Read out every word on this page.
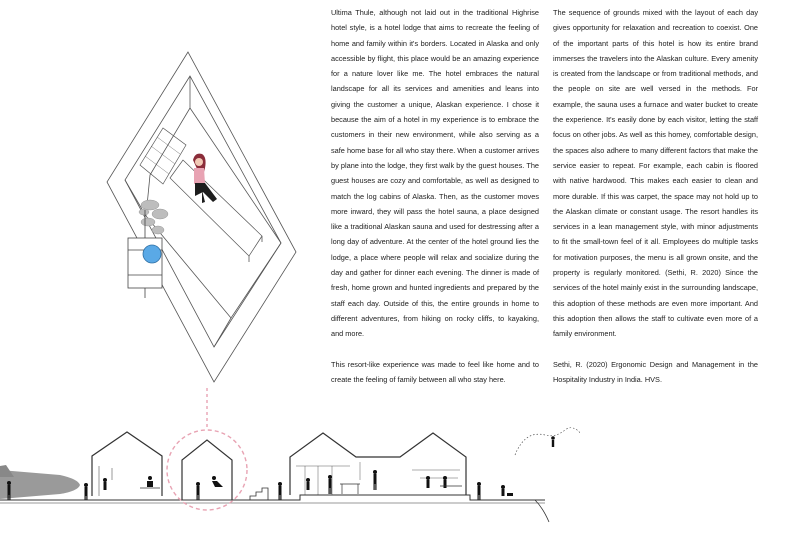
Ultima Thule, although not laid out in the traditional Highrise hotel style, is a hotel lodge that aims to recreate the feeling of home and family within it's borders. Located in Alaska and only accessible by flight, this place would be an amazing experience for a nature lover like me. The hotel embraces the natural landscape for all its services and amenities and leans into giving the customer a unique, Alaskan experience. I chose it because the aim of a hotel in my experience is to embrace the customers in their new environment, while also serving as a safe home base for all who stay there. When a customer arrives by plane into the lodge, they first walk by the guest houses. The guest houses are cozy and comfortable, as well as designed to match the log cabins of Alaska. Then, as the customer moves more inward, they will pass the hotel sauna, a place designed like a traditional Alaskan sauna and used for destressing after a long day of adventure. At the center of the hotel ground lies the lodge, a place where people will relax and socialize during the day and gather for dinner each evening. The dinner is made of fresh, home grown and hunted ingredients and prepared by the staff each day. Outside of this, the entire grounds in home to different adventures, from hiking on rocky cliffs, to kayaking, and more.

This resort-like experience was made to feel like home and to create the feeling of family between all who stay here.

The sequence of grounds mixed with the layout of each day gives opportunity for relaxation and recreation to coexist. One of the important parts of this hotel is how its entire brand immerses the travelers into the Alaskan culture. Every amenity is created from the landscape or from traditional methods, and the people on site are well versed in the methods. For example, the sauna uses a furnace and water bucket to create the experience. It's easily done by each visitor, letting the staff focus on other jobs. As well as this homey, comfortable design, the spaces also adhere to many different factors that make the service easier to repeat. For example, each cabin is floored with native hardwood. This makes each easier to clean and more durable. If this was carpet, the space may not hold up to the Alaskan climate or constant usage. The resort handles its services in a lean management style, with minor adjustments to fit the small-town feel of it all. Employees do multiple tasks for motivation purposes, the menu is all grown onsite, and the property is regularly monitored. (Sethi, R. 2020) Since the services of the hotel mainly exist in the surrounding landscape, this adoption of these methods are even more important. And this adoption then allows the staff to cultivate even more of a family environment.

Sethi, R. (2020) Ergonomic Design and Management in the Hospitality Industry in India. HVS.
